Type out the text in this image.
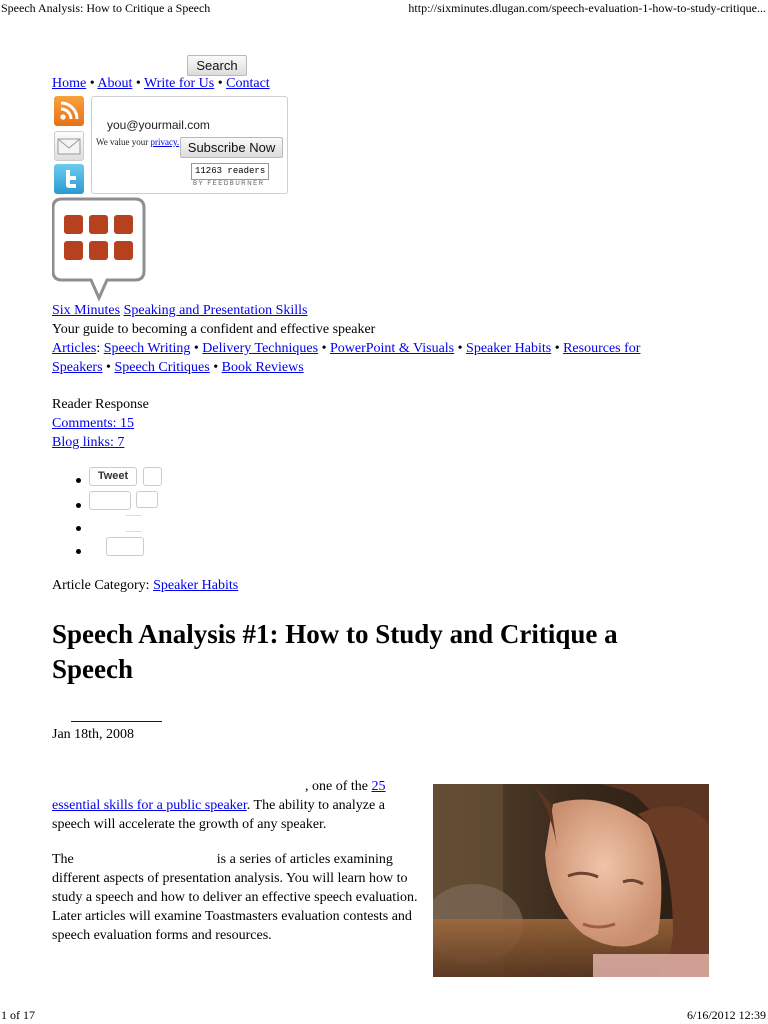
Speech Analysis: How to Critique a Speech	http://sixminutes.dlugan.com/speech-evaluation-1-how-to-study-critique...
Search
Home • About • Write for Us • Contact
you@yourmail.com
We value your privacy. Subscribe Now
11263 readers
BY FEEDBURNER
Six Minutes Speaking and Presentation Skills
Your guide to becoming a confident and effective speaker
Articles: Speech Writing • Delivery Techniques • PowerPoint & Visuals • Speaker Habits • Resources for Speakers • Speech Critiques • Book Reviews
Reader Response
Comments: 15
Blog links: 7
Tweet
Article Category: Speaker Habits
Speech Analysis #1: How to Study and Critique a Speech
Jan 18th, 2008
, one of the 25 essential skills for a public speaker. The ability to analyze a speech will accelerate the growth of any speaker.
The	is a series of articles examining different aspects of presentation analysis. You will learn how to study a speech and how to deliver an effective speech evaluation. Later articles will examine Toastmasters evaluation contests and speech evaluation forms and resources.
1 of 17	6/16/2012 12:39
